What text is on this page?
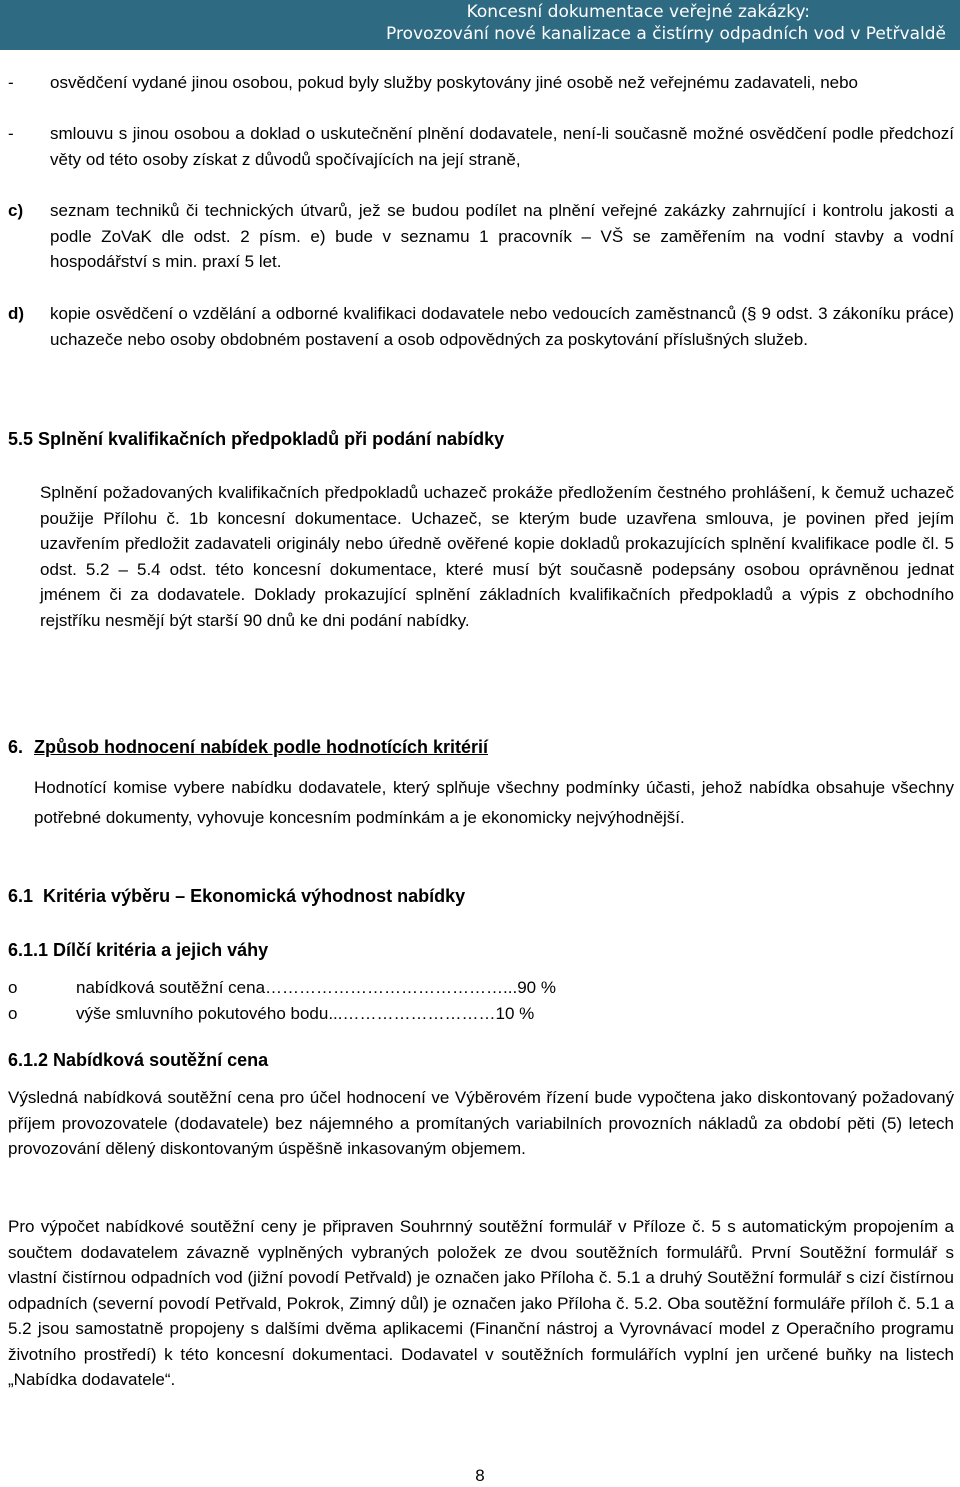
Koncesní dokumentace veřejné zakázky:
Provozování nové kanalizace a čistírny odpadních vod v Petřvaldě
- osvědčení vydané jinou osobou, pokud byly služby poskytovány jiné osobě než veřejnému zadavateli, nebo
- smlouvu s jinou osobou a doklad o uskutečnění plnění dodavatele, není-li současně možné osvědčení podle předchozí věty od této osoby získat z důvodů spočívajících na její straně,
c) seznam techniků či technických útvarů, jež se budou podílet na plnění veřejné zakázky zahrnující i kontrolu jakosti a podle ZoVaK dle odst. 2 písm. e) bude v seznamu 1 pracovník – VŠ se zaměřením na vodní stavby a vodní hospodářství s min. praxí 5 let.
d) kopie osvědčení o vzdělání a odborné kvalifikaci dodavatele nebo vedoucích zaměstnanců (§ 9 odst. 3 zákoníku práce) uchazeče nebo osoby obdobném postavení a osob odpovědných za poskytování příslušných služeb.
5.5 Splnění kvalifikačních předpokladů při podání nabídky
Splnění požadovaných kvalifikačních předpokladů uchazeč prokáže předložením čestného prohlášení, k čemuž uchazeč použije Přílohu č. 1b koncesní dokumentace. Uchazeč, se kterým bude uzavřena smlouva, je povinen před jejím uzavřením předložit zadavateli originály nebo úředně ověřené kopie dokladů prokazujících splnění kvalifikace podle čl. 5 odst. 5.2 – 5.4 odst. této koncesní dokumentace, které musí být současně podepsány osobou oprávněnou jednat jménem či za dodavatele. Doklady prokazující splnění základních kvalifikačních předpokladů a výpis z obchodního rejstříku nesmějí být starší 90 dnů ke dni podání nabídky.
6. Způsob hodnocení nabídek podle hodnotících kritérií
Hodnotící komise vybere nabídku dodavatele, který splňuje všechny podmínky účasti, jehož nabídka obsahuje všechny potřebné dokumenty, vyhovuje koncesním podmínkám a je ekonomicky nejvýhodnější.
6.1  Kritéria výběru – Ekonomická výhodnost nabídky
6.1.1 Dílčí kritéria a jejich váhy
o	nabídková soutěžní cena……………………………………...90 %
o	výše smluvního pokutového bodu...………………………10 %
6.1.2 Nabídková soutěžní cena
Výsledná nabídková soutěžní cena pro účel hodnocení ve Výběrovém řízení bude vypočtena jako diskontovaný požadovaný příjem provozovatele (dodavatele) bez nájemného a promítaných variabilních provozních nákladů za období pěti (5) letech provozování dělený diskontovaným úspěšně inkasovaným objemem.
Pro výpočet nabídkové soutěžní ceny je připraven Souhrnný soutěžní formulář v Příloze č. 5 s automatickým propojením a součtem dodavatelem závazně vyplněných vybraných položek ze dvou soutěžních formulářů. První Soutěžní formulář s vlastní čistírnou odpadních vod (jižní povodí Petřvald) je označen jako Příloha č. 5.1 a druhý Soutěžní formulář s cizí čistírnou odpadních (severní povodí Petřvald, Pokrok, Zimný důl) je označen jako Příloha č. 5.2. Oba soutěžní formuláře příloh č. 5.1 a 5.2 jsou samostatně propojeny s dalšími dvěma aplikacemi (Finanční nástroj a Vyrovnávací model z Operačního programu životního prostředí) k této koncesní dokumentaci. Dodavatel v soutěžních formulářích vyplní jen určené buňky na listech „Nabídka dodavatele“.
8
